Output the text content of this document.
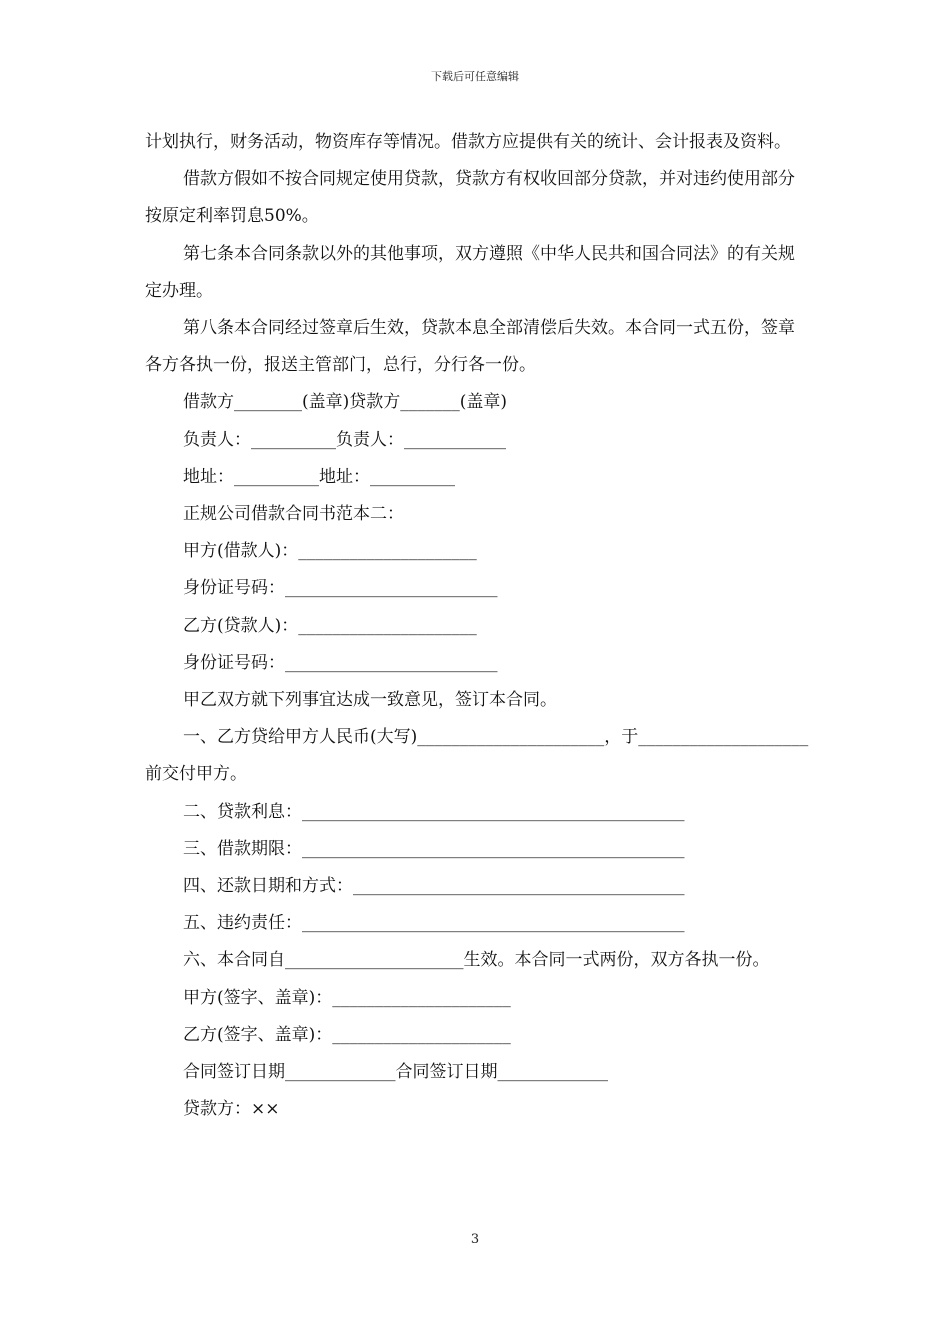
下载后可任意编辑

计划执行，财务活动，物资库存等情况。借款方应提供有关的统计、会计报表及资料。

借款方假如不按合同规定使用贷款，贷款方有权收回部分贷款，并对违约使用部分按原定利率罚息50%。

第七条本合同条款以外的其他事项，双方遵照《中华人民共和国合同法》的有关规定办理。

第八条本合同经过签章后生效，贷款本息全部清偿后失效。本合同一式五份，签章各方各执一份，报送主管部门，总行，分行各一份。

借款方________(盖章)贷款方_______(盖章)

负责人：__________负责人：____________

地址：__________地址：__________

正规公司借款合同书范本二：

甲方(借款人)：_____________________

身份证号码：_________________________

乙方(贷款人)：_____________________

身份证号码：_________________________

甲乙双方就下列事宜达成一致意见，签订本合同。

一、乙方贷给甲方人民币(大写)______________________，于____________________前交付甲方。

二、贷款利息：_____________________________________________

三、借款期限：_____________________________________________

四、还款日期和方式：_______________________________________

五、违约责任：_____________________________________________

六、本合同自_____________________生效。本合同一式两份，双方各执一份。

甲方(签字、盖章)：_____________________

乙方(签字、盖章)：_____________________

合同签订日期_____________合同签订日期_____________

贷款方：××

3
